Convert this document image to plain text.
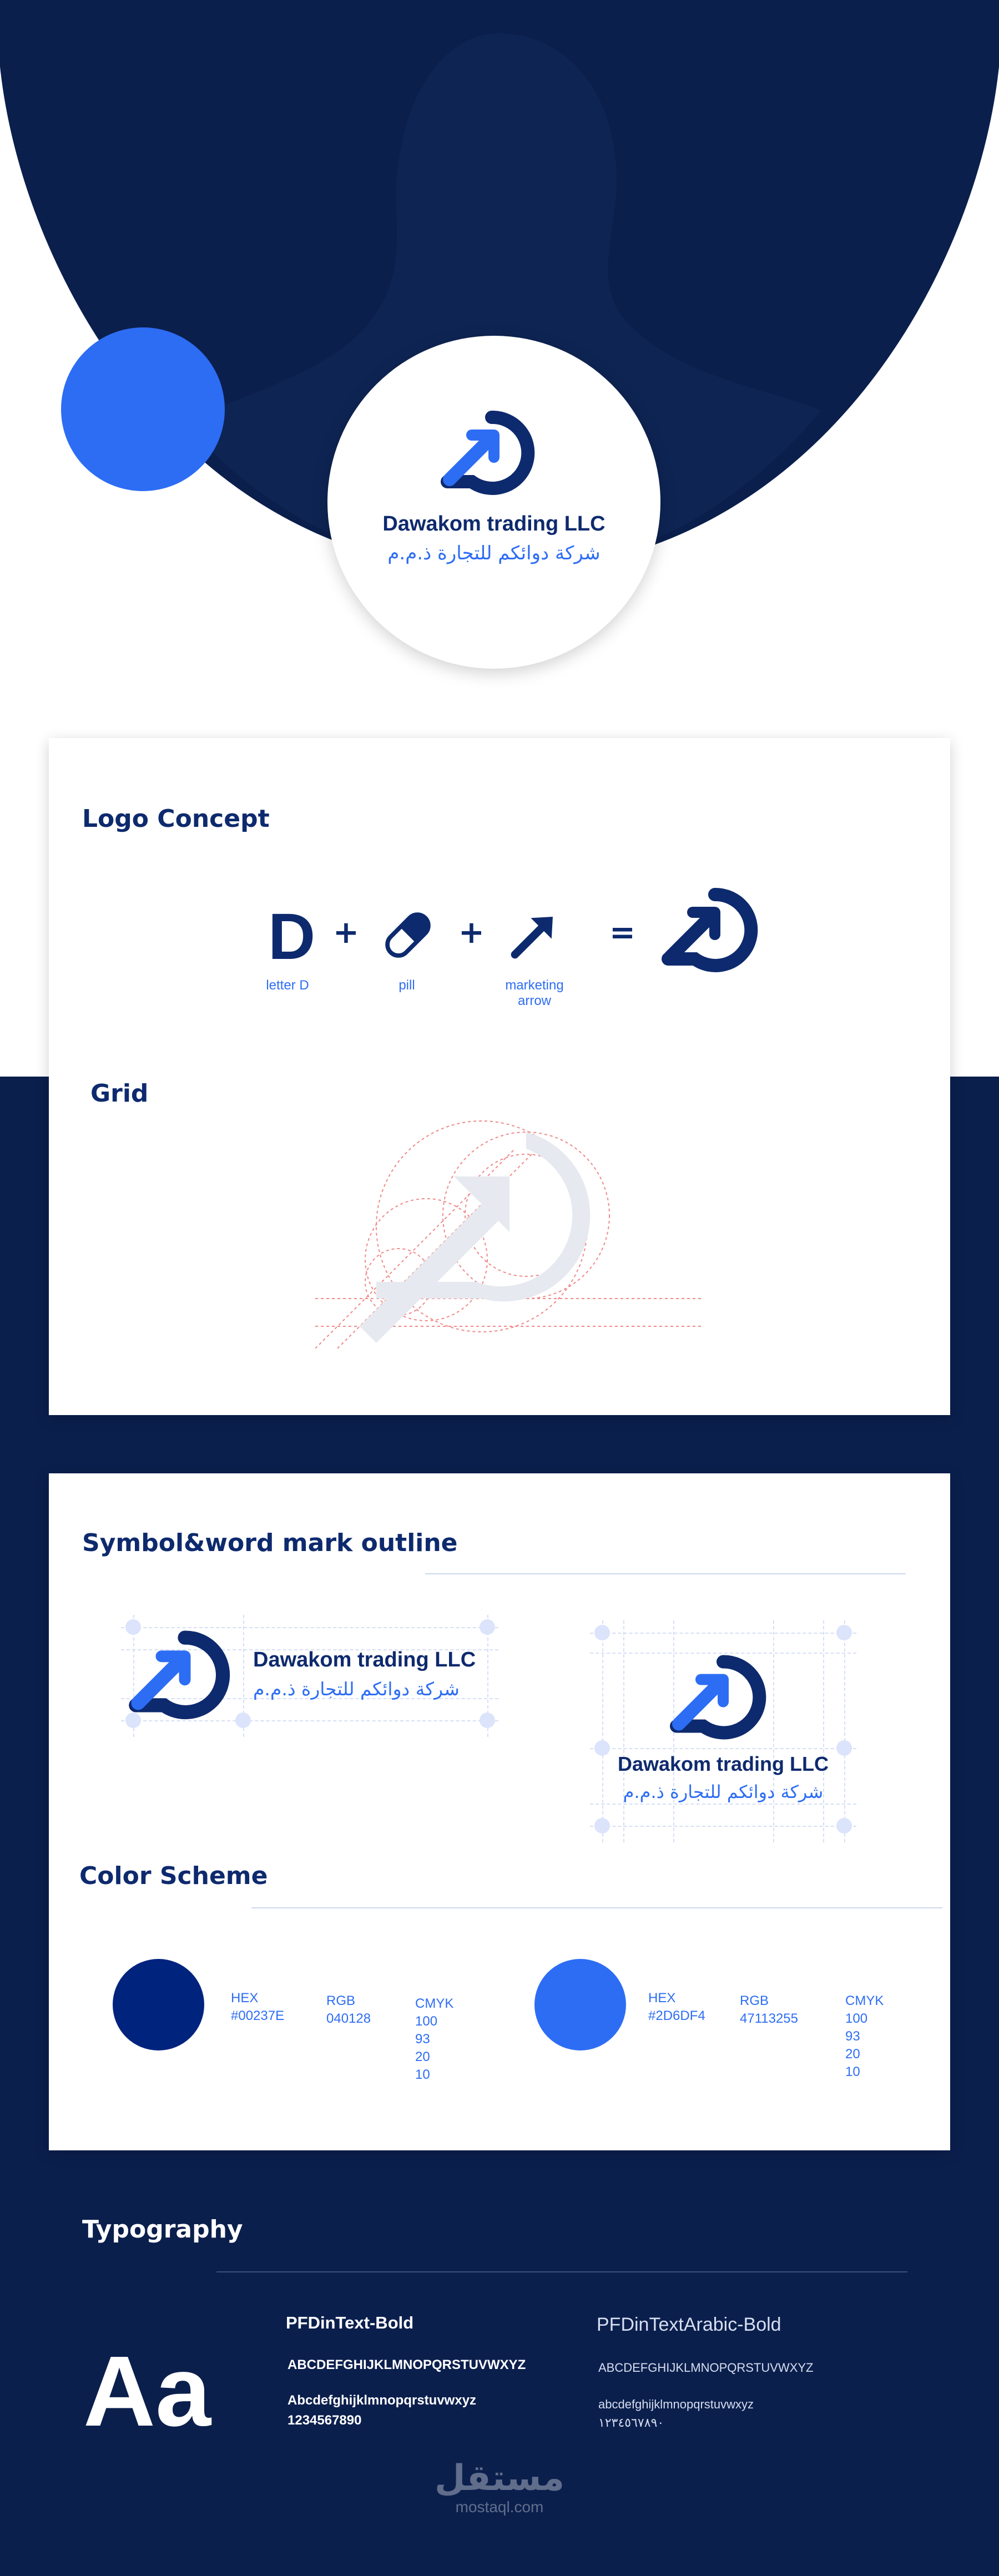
Dawakom trading LLC
شركة دوائكم للتجارة ذ.م.م
Logo Concept
D
letter D
+
pill
+
marketing arrow
=
Grid
Symbol&word mark outline
Dawakom trading LLC
شركة دوائكم للتجارة ذ.م.م
Dawakom trading LLC
شركة دوائكم للتجارة ذ.م.م
Color Scheme
HEX
#00237E
RGB
040128
CMYK
100
93
20
10
HEX
#2D6DF4
RGB
47113255
CMYK
100
93
20
10
Typography
Aa
PFDinText-Bold
ABCDEFGHIJKLMNOPQRSTUVWXYZ
Abcdefghijklmnopqrstuvwxyz
1234567890
PFDinTextArabic-Bold
ABCDEFGHIJKLMNOPQRSTUVWXYZ
abcdefghijklmnopqrstuvwxyz
١٢٣٤٥٦٧٨٩٠
مستقل
mostaql.com
